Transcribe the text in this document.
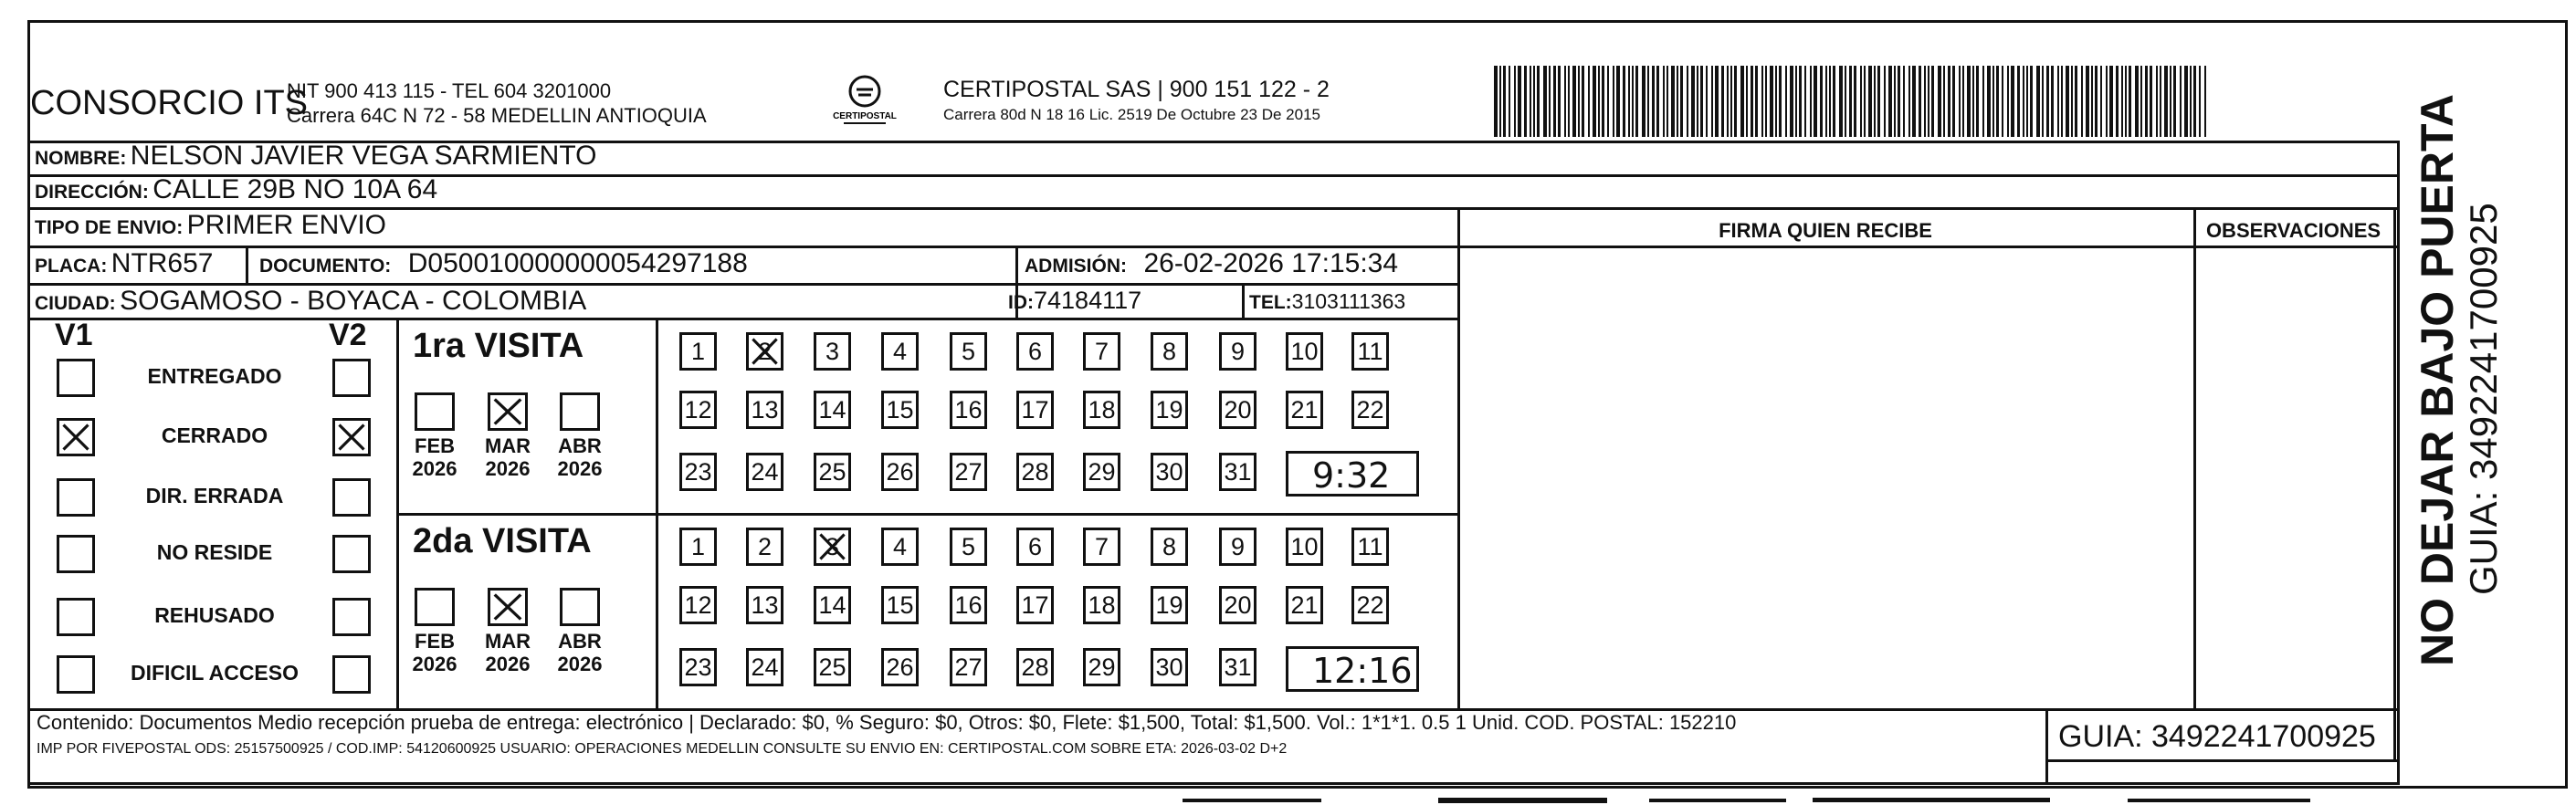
CONSORCIO ITS
NIT 900 413 115 - TEL 604 3201000
Carrera 64C N 72 - 58 MEDELLIN ANTIOQUIA	CERTIPOSTAL
CERTIPOSTAL SAS | 900 151 122 - 2
Carrera 80d N 18 16 Lic. 2519 De Octubre 23 De 2015
NOMBRE: NELSON JAVIER VEGA SARMIENTO
DIRECCIÓN: CALLE 29B NO 10A 64
TIPO DE ENVIO: PRIMER ENVIO	FIRMA QUIEN RECIBE	OBSERVACIONES
PLACA: NTR657 DOCUMENTO: D050010000000054297188	ADMISIÓN: 26-02-2026 17:15:34
CIUDAD: SOGAMOSO - BOYACA - COLOMBIA	ID:74184117	TEL:3103111363
V1	V2
ENTREGADO
CERRADO
DIR. ERRADA
NO RESIDE
REHUSADO
DIFICIL ACCESO
1ra VISITA
FEB
2026
MAR
2026
ABR
2026
1	2	3	4	5	6	7	8	9	10 11
12 13 14 15 16 17 18 19 20 21 22
23 24 25 26 27 28 29 30 31 9:32
2da VISITA
FEB
2026
MAR
2026
ABR
2026
1	2	3	4	5	6	7	8	9	10 11
12 13 14 15 16 17 18 19 20 21 22
23 24 25 26 27 28 29 30 31 12:16
Contenido: Documentos Medio recepción prueba de entrega: electrónico | Declarado: $0, % Seguro: $0, Otros: $0, Flete: $1,500, Total: $1,500. Vol.: 1*1*1. 0.5 1 Unid. COD. POSTAL: 152210
IMP POR FIVEPOSTAL ODS: 25157500925 / COD.IMP: 54120600925 USUARIO: OPERACIONES MEDELLIN CONSULTE SU ENVIO EN: CERTIPOSTAL.COM SOBRE ETA: 2026-03-02 D+2	GUIA: 3492241700925
NO DEJAR BAJO PUERTA GUIA: 3492241700925
